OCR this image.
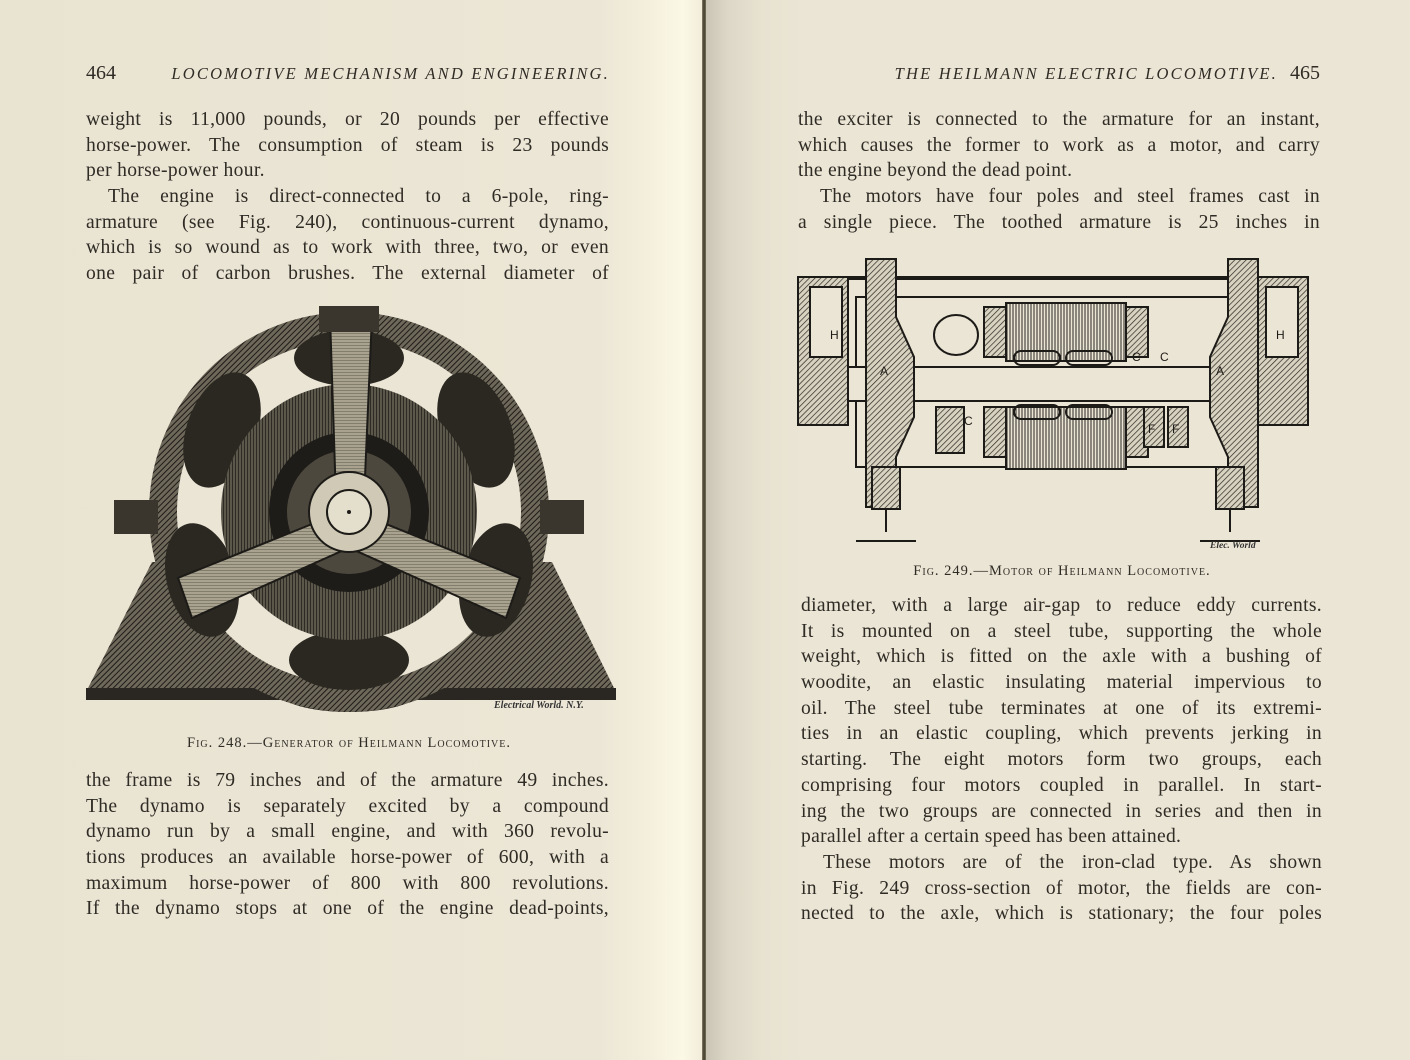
464	LOCOMOTIVE MECHANISM AND ENGINEERING.
weight is 11,000 pounds, or 20 pounds per effective
horse-power. The consumption of steam is 23 pounds
per horse-power hour.
The engine is direct-connected to a 6-pole, ring-
armature (see Fig. 240), continuous-current dynamo,
which is so wound as to work with three, two, or even
one pair of carbon brushes. The external diameter of
Electrical World. N.Y.
Fig. 248.—Generator of Heilmann Locomotive.
the frame is 79 inches and of the armature 49 inches.
The dynamo is separately excited by a compound
dynamo run by a small engine, and with 360 revolu-
tions produces an available horse-power of 600, with a
maximum horse-power of 800 with 800 revolutions.
If the dynamo stops at one of the engine dead-points,
THE HEILMANN ELECTRIC LOCOMOTIVE. 465
the exciter is connected to the armature for an instant,
which causes the former to work as a motor, and carry
the engine beyond the dead point.
The motors have four poles and steel frames cast in
a single piece. The toothed armature is 25 inches in
H
A
C
C C
A
H
F F
Elec. World
Fig. 249.—Motor of Heilmann Locomotive.
diameter, with a large air-gap to reduce eddy currents.
It is mounted on a steel tube, supporting the whole
weight, which is fitted on the axle with a bushing of
woodite, an elastic insulating material impervious to
oil. The steel tube terminates at one of its extremi-
ties in an elastic coupling, which prevents jerking in
starting. The eight motors form two groups, each
comprising four motors coupled in parallel. In start-
ing the two groups are connected in series and then in
parallel after a certain speed has been attained.
These motors are of the iron-clad type. As shown
in Fig. 249 cross-section of motor, the fields are con-
nected to the axle, which is stationary; the four poles
